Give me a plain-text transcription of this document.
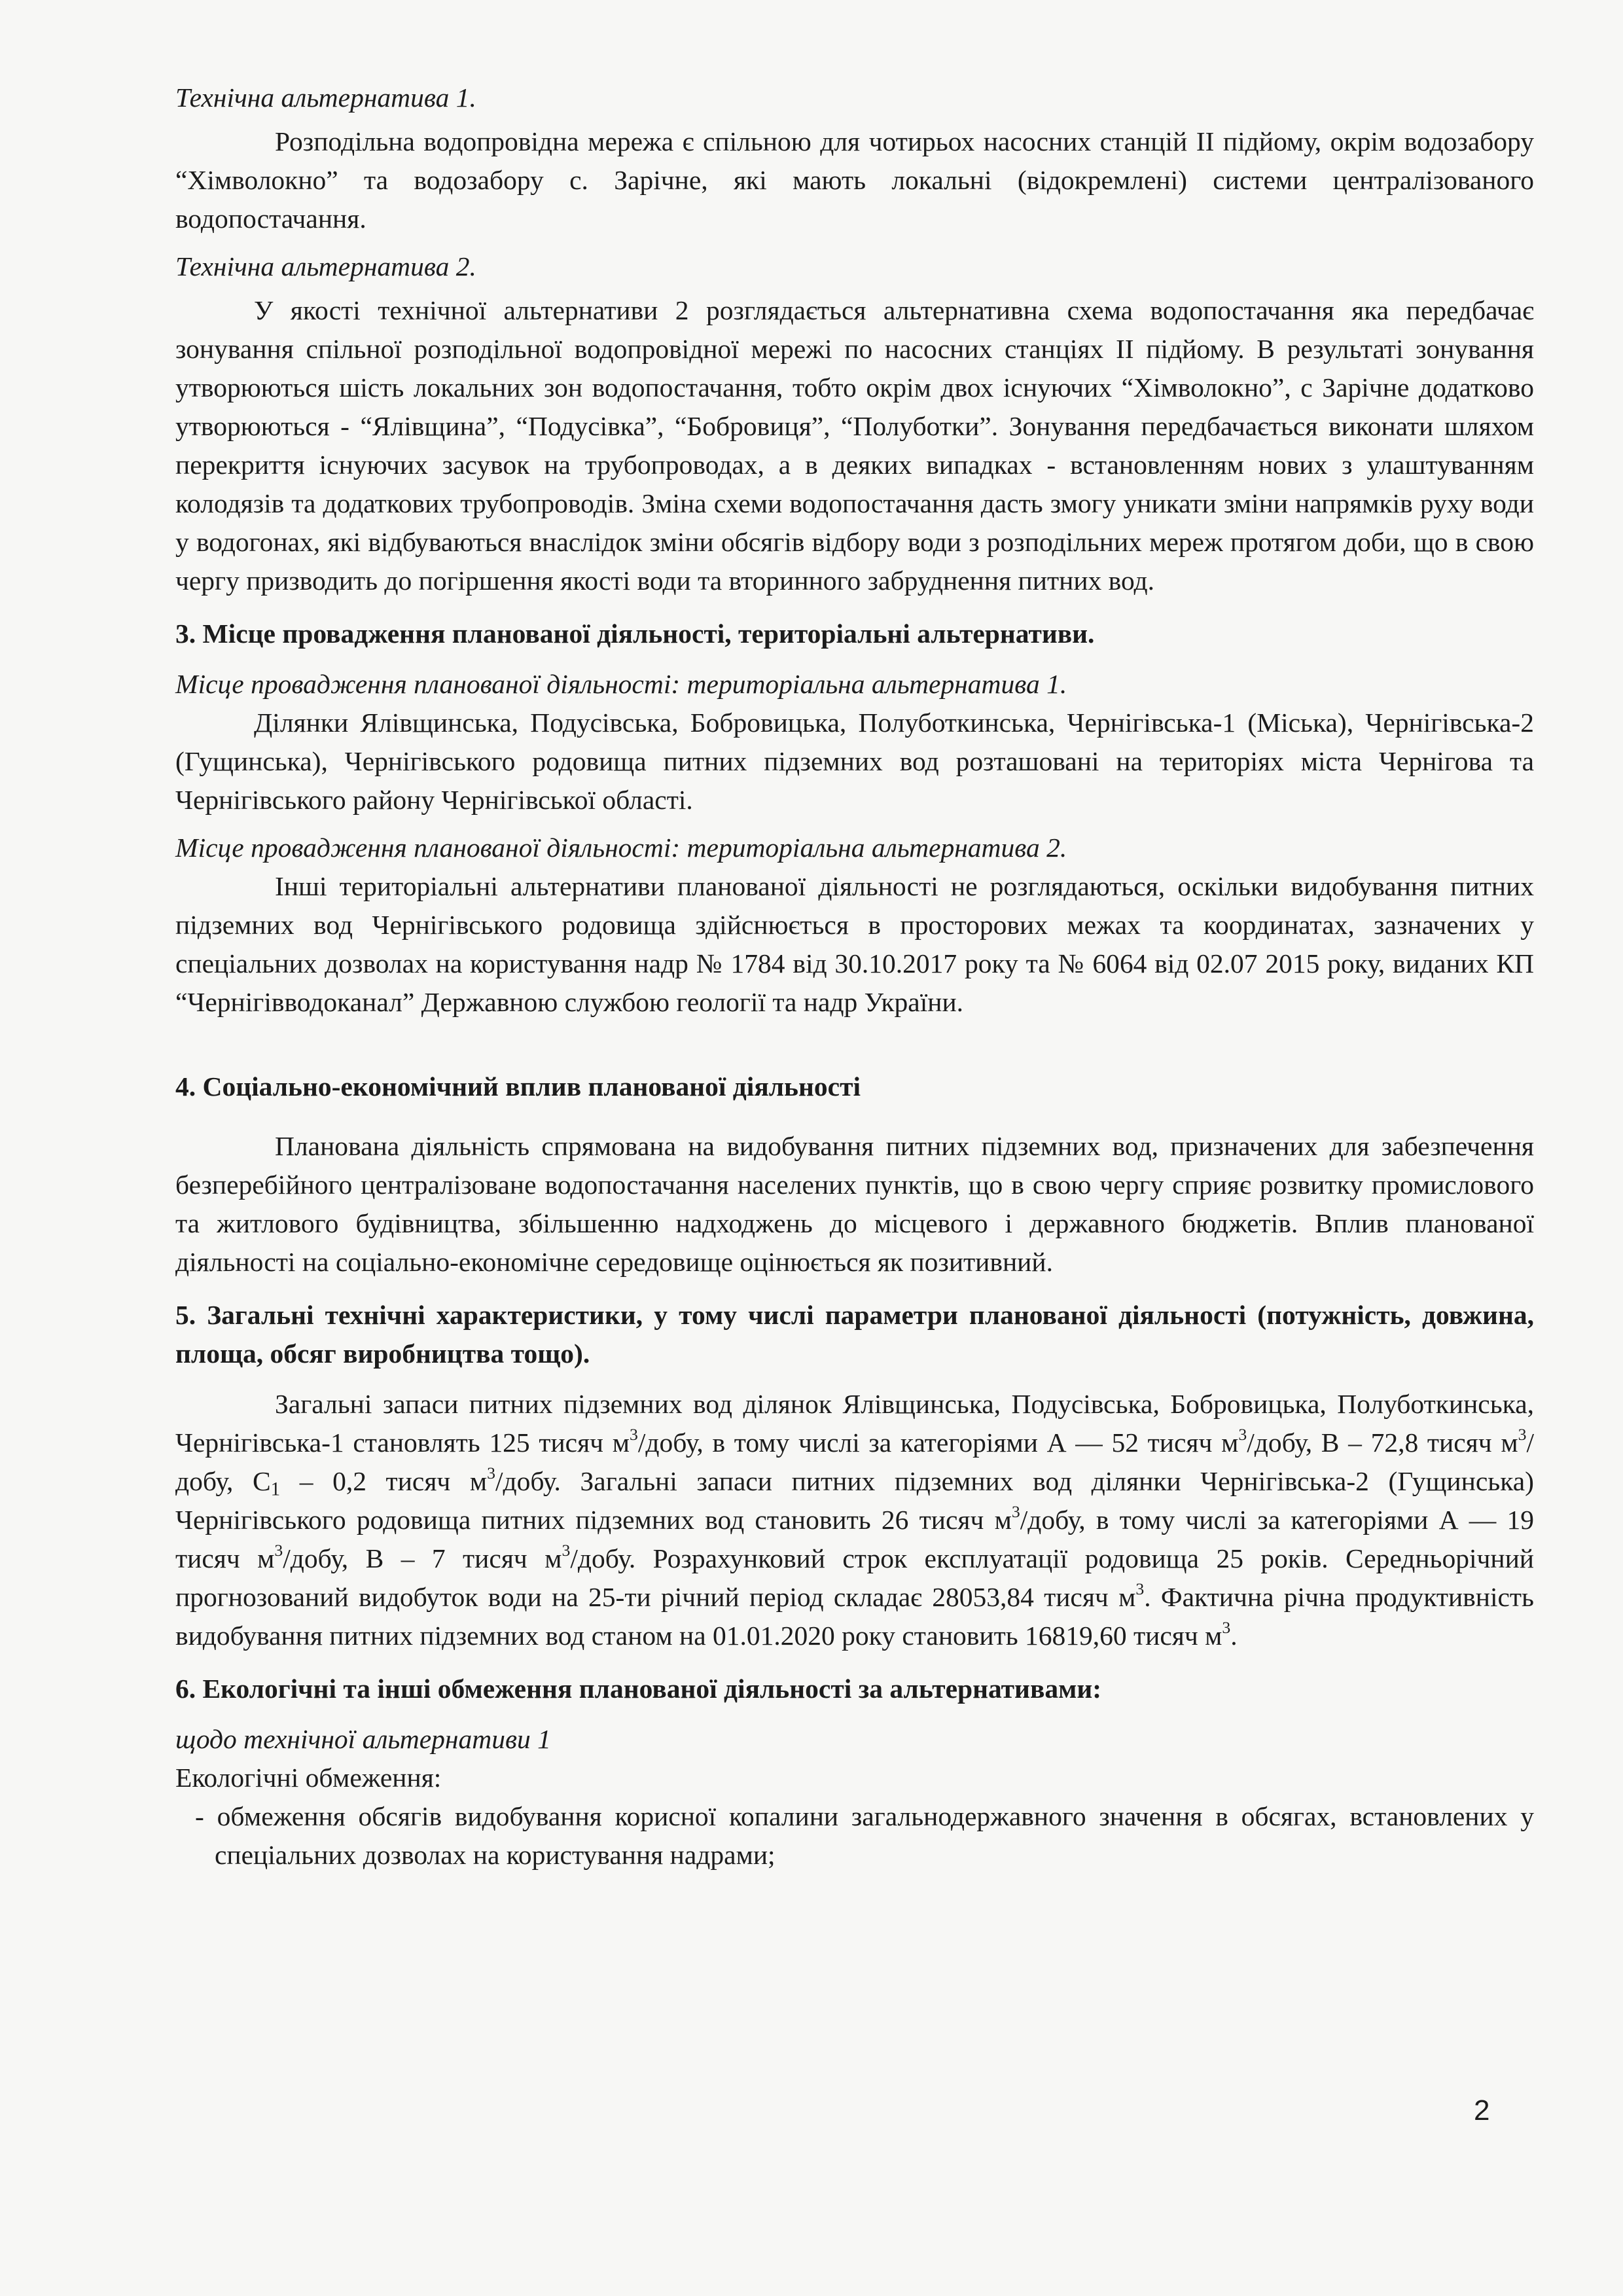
Технічна альтернатива 1.

Розподільна водопровідна мережа є спільною для чотирьох насосних станцій ІІ підйому, окрім водозабору “Хімволокно” та водозабору с. Зарічне, які мають локальні (відокремлені) системи централізованого водопостачання.

Технічна альтернатива 2.

У якості технічної альтернативи 2 розглядається альтернативна схема водопостачання яка передбачає зонування спільної розподільної водопровідної мережі по насосних станціях ІІ підйому. В результаті зонування утворюються шість локальних зон водопостачання, тобто окрім двох існуючих “Хімволокно”, с Зарічне додатково утворюються - “Ялівщина”, “Подусівка”, “Бобровиця”, “Полуботки”. Зонування передбачається виконати шляхом перекриття існуючих засувок на трубопроводах, а в деяких випадках - встановленням нових з улаштуванням колодязів та додаткових трубопроводів. Зміна схеми водопостачання дасть змогу уникати зміни напрямків руху води у водогонах, які відбуваються внаслідок зміни обсягів відбору води з розподільних мереж протягом доби, що в свою чергу призводить до погіршення якості води та вторинного забруднення питних вод.

3. Місце провадження планованої діяльності, територіальні альтернативи.

Місце провадження планованої діяльності: територіальна альтернатива 1.

Ділянки Ялівщинська, Подусівська, Бобровицька, Полуботкинська, Чернігівська-1 (Міська), Чернігівська-2 (Гущинська), Чернігівського родовища питних підземних вод розташовані на територіях міста Чернігова та Чернігівського району Чернігівської області.

Місце провадження планованої діяльності: територіальна альтернатива 2.

Інші територіальні альтернативи планованої діяльності не розглядаються, оскільки видобування питних підземних вод Чернігівського родовища здійснюється в просторових межах та координатах, зазначених у спеціальних дозволах на користування надр № 1784 від 30.10.2017 року та № 6064 від 02.07 2015 року, виданих КП “Чернігівводоканал” Державною службою геології та надр України.

4. Соціально-економічний вплив планованої діяльності

Планована діяльність спрямована на видобування питних підземних вод, призначених для забезпечення безперебійного централізоване водопостачання населених пунктів, що в свою чергу сприяє розвитку промислового та житлового будівництва, збільшенню надходжень до місцевого і державного бюджетів. Вплив планованої діяльності на соціально-економічне середовище оцінюється як позитивний.

5. Загальні технічні характеристики, у тому числі параметри планованої діяльності (потужність, довжина, площа, обсяг виробництва тощо).

Загальні запаси питних підземних вод ділянок Ялівщинська, Подусівська, Бобровицька, Полуботкинська, Чернігівська-1 становлять 125 тисяч $м^3$/добу, в тому числі за категоріями А — 52 тисяч $м^3$/добу, В – 72,8 тисяч $м^3$/добу, $С_1 - 0,2$ тисяч $м^3$/добу. Загальні запаси питних підземних вод ділянки Чернігівська-2 (Гущинська) Чернігівського родовища питних підземних вод становить 26 тисяч $м^3$/добу, в тому числі за категоріями А — 19 тисяч $м^3$/добу, В – 7 тисяч $м^3$/добу. Розрахунковий строк експлуатації родовища 25 років. Середньорічний прогнозований видобуток води на 25-ти річний період складає 28053,84 тисяч $м^3$. Фактична річна продуктивність видобування питних підземних вод станом на 01.01.2020 року становить 16819,60 тисяч $м^3$.

6. Екологічні та інші обмеження планованої діяльності за альтернативами:

щодо технічної альтернативи 1

Екологічні обмеження:

- обмеження обсягів видобування корисної копалини загальнодержавного значення в обсягах, встановлених у спеціальних дозволах на користування надрами;

2
